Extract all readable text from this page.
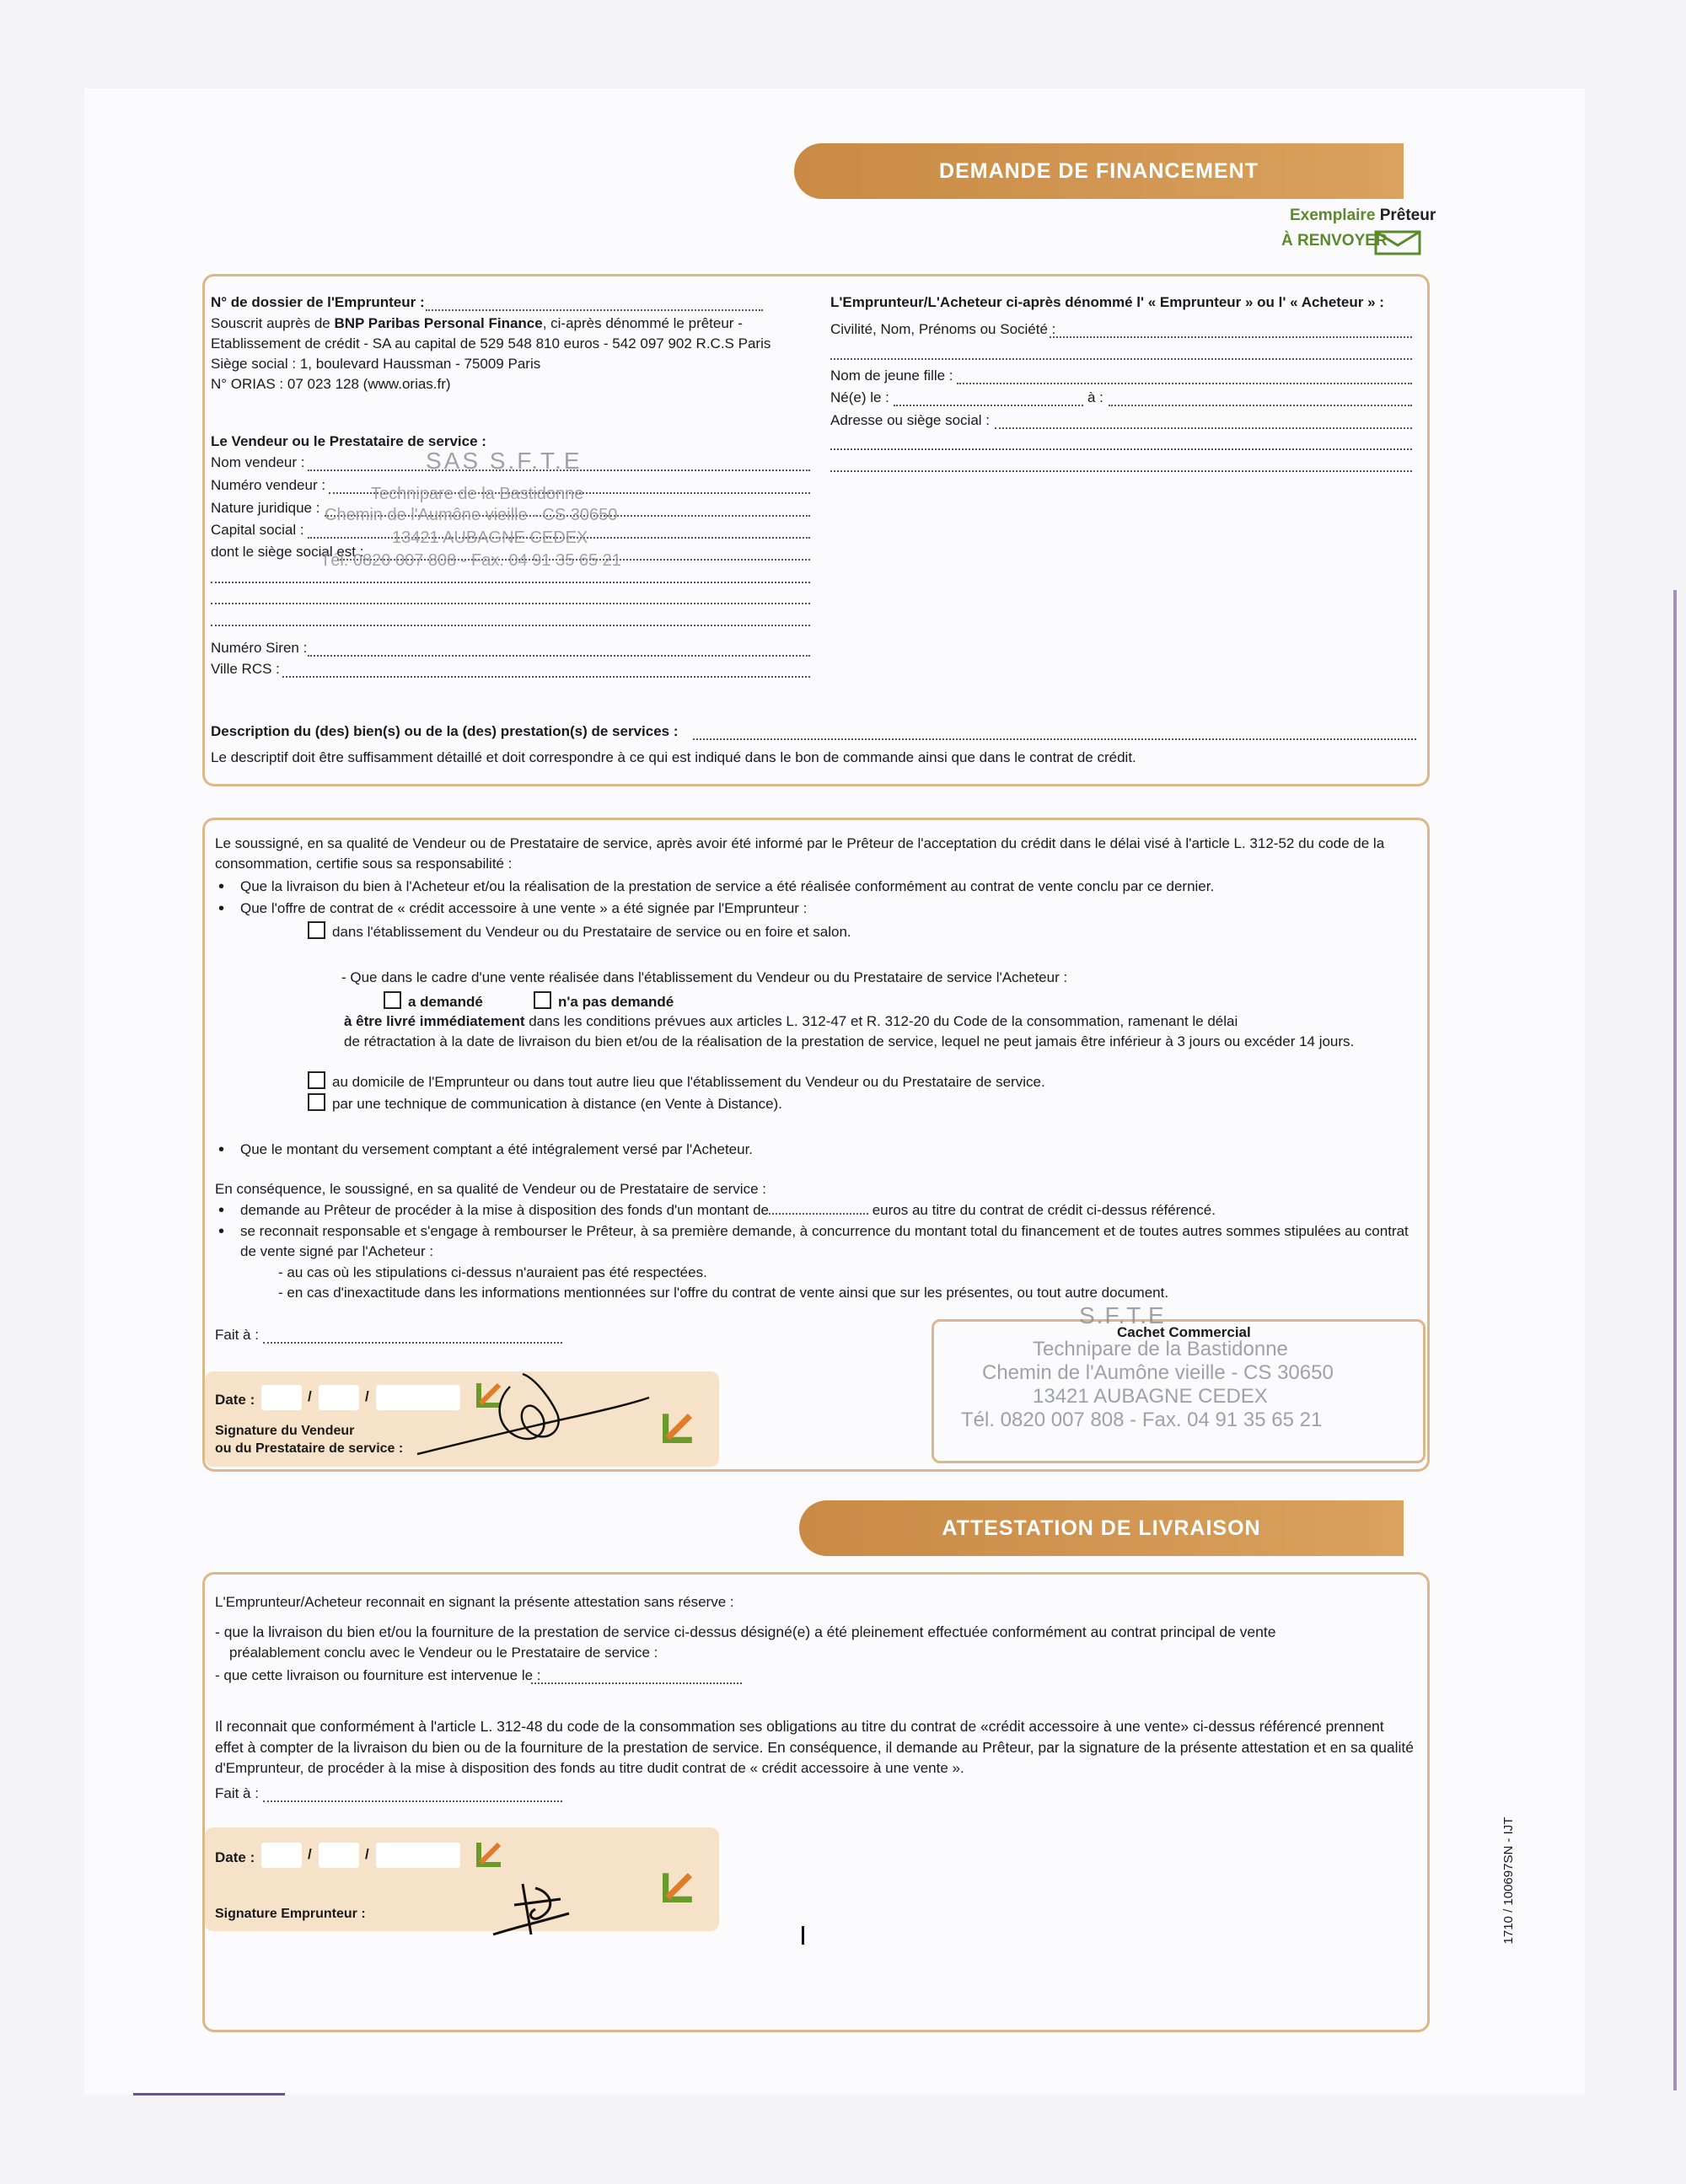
DEMANDE DE FINANCEMENT
Exemplaire Prêteur
À RENVOYER
N° de dossier de l'Emprunteur :
Souscrit auprès de BNP Paribas Personal Finance, ci-après dénommé le prêteur -
Etablissement de crédit - SA au capital de 529 548 810 euros - 542 097 902 R.C.S Paris
Siège social : 1, boulevard Haussman - 75009 Paris
N° ORIAS : 07 023 128 (www.orias.fr)
Le Vendeur ou le Prestataire de service :
Nom vendeur :
Numéro vendeur :
Nature juridique :
Capital social :
dont le siège social est :
Numéro Siren :
Ville RCS :
SAS S.F.T.E
Technipare de la Bastidonne
Chemin de l'Aumône vieille - CS 30650
13421 AUBAGNE CEDEX
Tél. 0820 007 808 - Fax. 04 91 35 65 21
L'Emprunteur/L'Acheteur ci-après dénommé l' « Emprunteur » ou l' « Acheteur » :
Civilité, Nom, Prénoms ou Société :
Nom de jeune fille :
Né(e) le :	à :
Adresse ou siège social :
Description du (des) bien(s) ou de la (des) prestation(s) de services :
Le descriptif doit être suffisamment détaillé et doit correspondre à ce qui est indiqué dans le bon de commande ainsi que dans le contrat de crédit.
Le soussigné, en sa qualité de Vendeur ou de Prestataire de service, après avoir été informé par le Prêteur de l'acceptation du crédit dans le délai visé à l'article L. 312-52 du code de la
consommation, certifie sous sa responsabilité :
• Que la livraison du bien à l'Acheteur et/ou la réalisation de la prestation de service a été réalisée conformément au contrat de vente conclu par ce dernier.
• Que l'offre de contrat de « crédit accessoire à une vente » a été signée par l'Emprunteur :
dans l'établissement du Vendeur ou du Prestataire de service ou en foire et salon.
- Que dans le cadre d'une vente réalisée dans l'établissement du Vendeur ou du Prestataire de service l'Acheteur :
a demandé	n'a pas demandé
à être livré immédiatement dans les conditions prévues aux articles L. 312-47 et R. 312-20 du Code de la consommation, ramenant le délai
de rétractation à la date de livraison du bien et/ou de la réalisation de la prestation de service, lequel ne peut jamais être inférieur à 3 jours ou excéder 14 jours.
au domicile de l'Emprunteur ou dans tout autre lieu que l'établissement du Vendeur ou du Prestataire de service.
par une technique de communication à distance (en Vente à Distance).
• Que le montant du versement comptant a été intégralement versé par l'Acheteur.
En conséquence, le soussigné, en sa qualité de Vendeur ou de Prestataire de service :
• demande au Prêteur de procéder à la mise à disposition des fonds d'un montant de	euros au titre du contrat de crédit ci-dessus référencé.
• se reconnait responsable et s'engage à rembourser le Prêteur, à sa première demande, à concurrence du montant total du financement et de toutes autres sommes stipulées au contrat
de vente signé par l'Acheteur :
- au cas où les stipulations ci-dessus n'auraient pas été respectées.
- en cas d'inexactitude dans les informations mentionnées sur l'offre du contrat de vente ainsi que sur les présentes, ou tout autre document.
Fait à :
Date :	/	/
Signature du Vendeur
ou du Prestataire de service :
S.F.T.E
Cachet Commercial
Technipare de la Bastidonne
Chemin de l'Aumône vieille - CS 30650
13421 AUBAGNE CEDEX
Tél. 0820 007 808 - Fax. 04 91 35 65 21
ATTESTATION DE LIVRAISON
L'Emprunteur/Acheteur reconnait en signant la présente attestation sans réserve :
- que la livraison du bien et/ou la fourniture de la prestation de service ci-dessus désigné(e) a été pleinement effectuée conformément au contrat principal de vente
préalablement conclu avec le Vendeur ou le Prestataire de service :
- que cette livraison ou fourniture est intervenue le :
Il reconnait que conformément à l'article L. 312-48 du code de la consommation ses obligations au titre du contrat de «crédit accessoire à une vente» ci-dessus référencé prennent
effet à compter de la livraison du bien ou de la fourniture de la prestation de service. En conséquence, il demande au Prêteur, par la signature de la présente attestation et en sa qualité
d'Emprunteur, de procéder à la mise à disposition des fonds au titre dudit contrat de « crédit accessoire à une vente ».
Fait à :
Date :	/	/
Signature Emprunteur :	1710 / 100697SN - IJT
